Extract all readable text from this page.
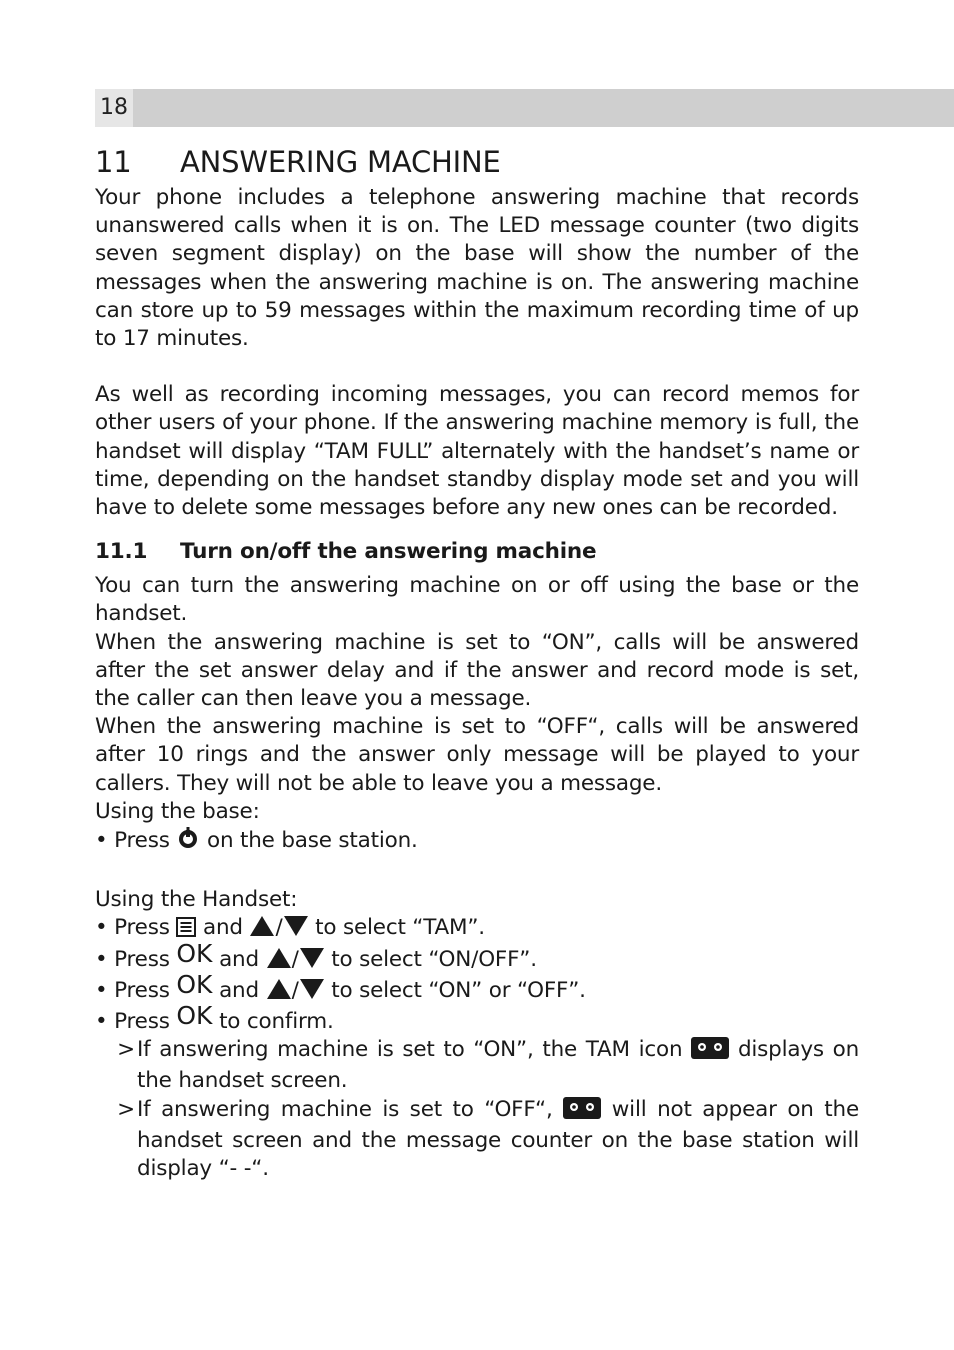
18
11 ANSWERING MACHINE

Your phone includes a telephone answering machine that records unanswered calls when it is on. The LED message counter (two digits seven segment display) on the base will show the number of the messages when the answering machine is on. The answering machine can store up to 59 messages within the maximum recording time of up to 17 minutes.

As well as recording incoming messages, you can record memos for other users of your phone. If the answering machine memory is full, the handset will display “TAM FULL” alternately with the handset’s name or time, depending on the handset standby display mode set and you will have to delete some messages before any new ones can be recorded.

11.1 Turn on/off the answering machine

You can turn the answering machine on or off using the base or the handset.

When the answering machine is set to “ON”, calls will be answered after the set answer delay and if the answer and record mode is set, the caller can then leave you a message.

When the answering machine is set to “OFF“, calls will be answered after 10 rings and the answer only message will be played to your callers. They will not be able to leave you a message.

Using the base:

• Press on the base station.

Using the Handset:

• Press and / to select “TAM”.

• Press OK and / to select “ON/OFF”.

• Press OK and / to select “ON” or “OFF”.

• Press OK to confirm.

> If answering machine is set to “ON”, the TAM icon	displays on the handset screen.
> If answering machine is set to “OFF“,	will not appear on the handset screen and the message counter on the base station will display “- -“.
